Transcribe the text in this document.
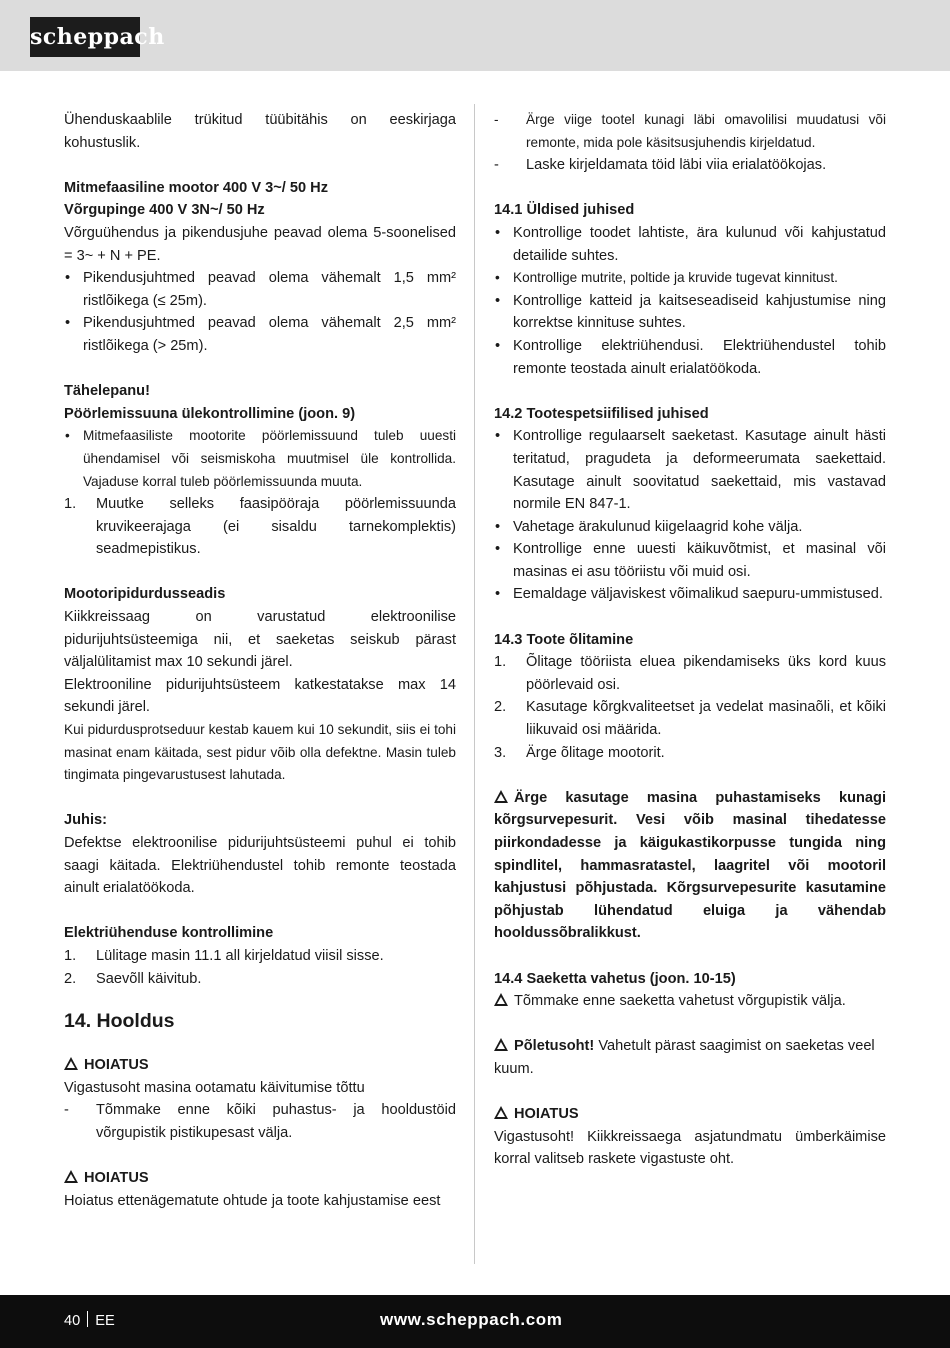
scheppach

Ühenduskaablile trükitud tüübitähis on eeskirjaga kohustuslik.

Mitmefaasiline mootor 400 V 3~/ 50 Hz

Võrgupinge 400 V 3N~/ 50 Hz

Võrguühendus ja pikendusjuhe peavad olema 5-soonelised = 3~ + N + PE.

• Pikendusjuhtmed peavad olema vähemalt 1,5 mm² ristlõikega (≤ 25m).

• Pikendusjuhtmed peavad olema vähemalt 2,5 mm² ristlõikega (> 25m).

Tähelepanu!

Pöörlemissuuna ülekontrollimine (joon. 9)

• Mitmefaasiliste mootorite pöörlemissuund tuleb uuesti ühendamisel või seismiskoha muutmisel üle kontrollida. Vajaduse korral tuleb pöörlemissuunda muuta.

1. Muutke selleks faasipööraja pöörlemissuunda kruvikeerajaga (ei sisaldu tarnekomplektis) seadmepistikus.

Mootoripidurdusseadis

Kiikkreissaag on varustatud elektroonilise pidurijuhtsüsteemiga nii, et saeketas seiskub pärast väljalülitamist max 10 sekundi järel.

Elektrooniline pidurijuhtsüsteem katkestatakse max 14 sekundi järel.

Kui pidurdusprotseduur kestab kauem kui 10 sekundit, siis ei tohi masinat enam käitada, sest pidur võib olla defektne. Masin tuleb tingimata pingevarustusest lahutada.

Juhis:

Defektse elektroonilise pidurijuhtsüsteemi puhul ei tohib saagi käitada. Elektriühendustel tohib remonte teostada ainult erialatöökoda.

Elektriühenduse kontrollimine

1. Lülitage masin 11.1 all kirjeldatud viisil sisse.

2. Saevõll käivitub.

14. Hooldus

HOIATUS

Vigastusoht masina ootamatu käivitumise tõttu

- Tõmmake enne kõiki puhastus- ja hooldustöid võrgupistik pistikupesast välja.

HOIATUS

Hoiatus ettenägematute ohtude ja toote kahjustamise eest

- Ärge viige tootel kunagi läbi omavolilisi muudatusi või remonte, mida pole käsitsusjuhendis kirjeldatud.

- Laske kirjeldamata töid läbi viia erialatöökojas.

14.1 Üldised juhised

• Kontrollige toodet lahtiste, ära kulunud või kahjustatud detailide suhtes.

• Kontrollige mutrite, poltide ja kruvide tugevat kinnitust.

• Kontrollige katteid ja kaitseseadiseid kahjustumise ning korrektse kinnituse suhtes.

• Kontrollige elektriühendusi. Elektriühendustel tohib remonte teostada ainult erialatöökoda.

14.2 Tootespetsiifilised juhised

• Kontrollige regulaarselt saeketast. Kasutage ainult hästi teritatud, pragudeta ja deformeerumata saekettaid. Kasutage ainult soovitatud saekettaid, mis vastavad normile EN 847-1.

• Vahetage ärakulunud kiigelaagrid kohe välja.

• Kontrollige enne uuesti käikuvõtmist, et masinal või masinas ei asu tööriistu või muid osi.

• Eemaldage väljaviskest võimalikud saepuru-ummistused.

14.3 Toote õlitamine

1. Õlitage tööriista eluea pikendamiseks üks kord kuus pöörlevaid osi.

2. Kasutage kõrgkvaliteetset ja vedelat masinaõli, et kõiki liikuvaid osi määrida.

3. Ärge õlitage mootorit.

Ärge kasutage masina puhastamiseks kunagi kõrgsurvepesurit. Vesi võib masinal tihedatesse piirkondadesse ja käigukastikorpusse tungida ning spindlitel, hammasratastel, laagritel või mootoril kahjustusi põhjustada. Kõrgsurvepesurite kasutamine põhjustab lühendatud eluiga ja vähendab hooldussõbralikkust.

14.4 Saeketta vahetus (joon. 10-15)

Tõmmake enne saeketta vahetust võrgupistik välja.

Põletusoht! Vahetult pärast saagimist on saeketas veel kuum.

HOIATUS

Vigastusoht! Kiikkreissaega asjatundmatu ümberkäimise korral valitseb raskete vigastuste oht.

40 EE	www.scheppach.com
